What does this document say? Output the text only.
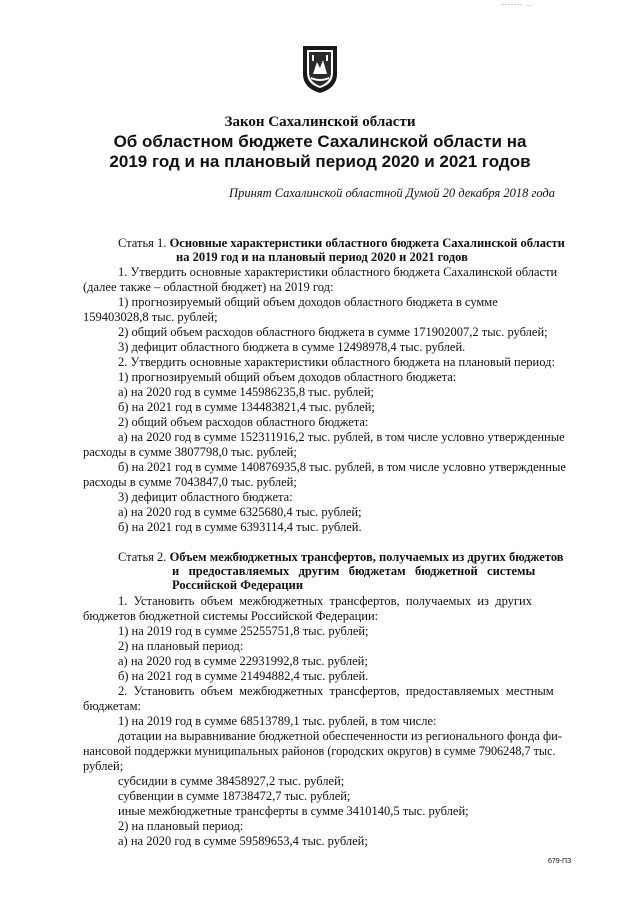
------- ...
Закон Сахалинской области
Об областном бюджете Сахалинской области на
2019 год и на плановый период 2020 и 2021 годов
Принят Сахалинской областной Думой 20 декабря 2018 года
Статья 1. Основные характеристики областного бюджета Сахалинской области
на 2019 год и на плановый период 2020 и 2021 годов
1. Утвердить основные характеристики областного бюджета Сахалинской области
(далее также – областной бюджет) на 2019 год:
1) прогнозируемый общий объем доходов областного бюджета в сумме
159403028,8 тыс. рублей;
2) общий объем расходов областного бюджета в сумме 171902007,2 тыс. рублей;
3) дефицит областного бюджета в сумме 12498978,4 тыс. рублей.
2. Утвердить основные характеристики областного бюджета на плановый период:
1) прогнозируемый общий объем доходов областного бюджета:
а) на 2020 год в сумме 145986235,8 тыс. рублей;
б) на 2021 год в сумме 134483821,4 тыс. рублей;
2) общий объем расходов областного бюджета:
а) на 2020 год в сумме 152311916,2 тыс. рублей, в том числе условно утвержденные
расходы в сумме 3807798,0 тыс. рублей;
б) на 2021 год в сумме 140876935,8 тыс. рублей, в том числе условно утвержденные
расходы в сумме 7043847,0 тыс. рублей;
3) дефицит областного бюджета:
а) на 2020 год в сумме 6325680,4 тыс. рублей;
б) на 2021 год в сумме 6393114,4 тыс. рублей.
Статья 2. Объем межбюджетных трансфертов, получаемых из других бюджетов
и   предоставляемых   другим   бюджетам   бюджетной   системы
Российской Федерации
1.  Установить  объем  межбюджетных  трансфертов,  получаемых  из  других
бюджетов бюджетной системы Российской Федерации:
1) на 2019 год в сумме 25255751,8 тыс. рублей;
2) на плановый период:
а) на 2020 год в сумме 22931992,8 тыс. рублей;
б) на 2021 год в сумме 21494882,4 тыс. рублей.
2.  Установить  объем  межбюджетных  трансфертов,  предоставляемых  местным
бюджетам:
1) на 2019 год в сумме 68513789,1 тыс. рублей, в том числе:
дотации на выравнивание бюджетной обеспеченности из регионального фонда фи-
нансовой поддержки муниципальных районов (городских округов) в сумме 7906248,7 тыс.
рублей;
субсидии в сумме 38458927,2 тыс. рублей;
субвенции в сумме 18738472,7 тыс. рублей;
иные межбюджетные трансферты в сумме 3410140,5 тыс. рублей;
2) на плановый период:
а) на 2020 год в сумме 59589653,4 тыс. рублей;
679-ПЗ
